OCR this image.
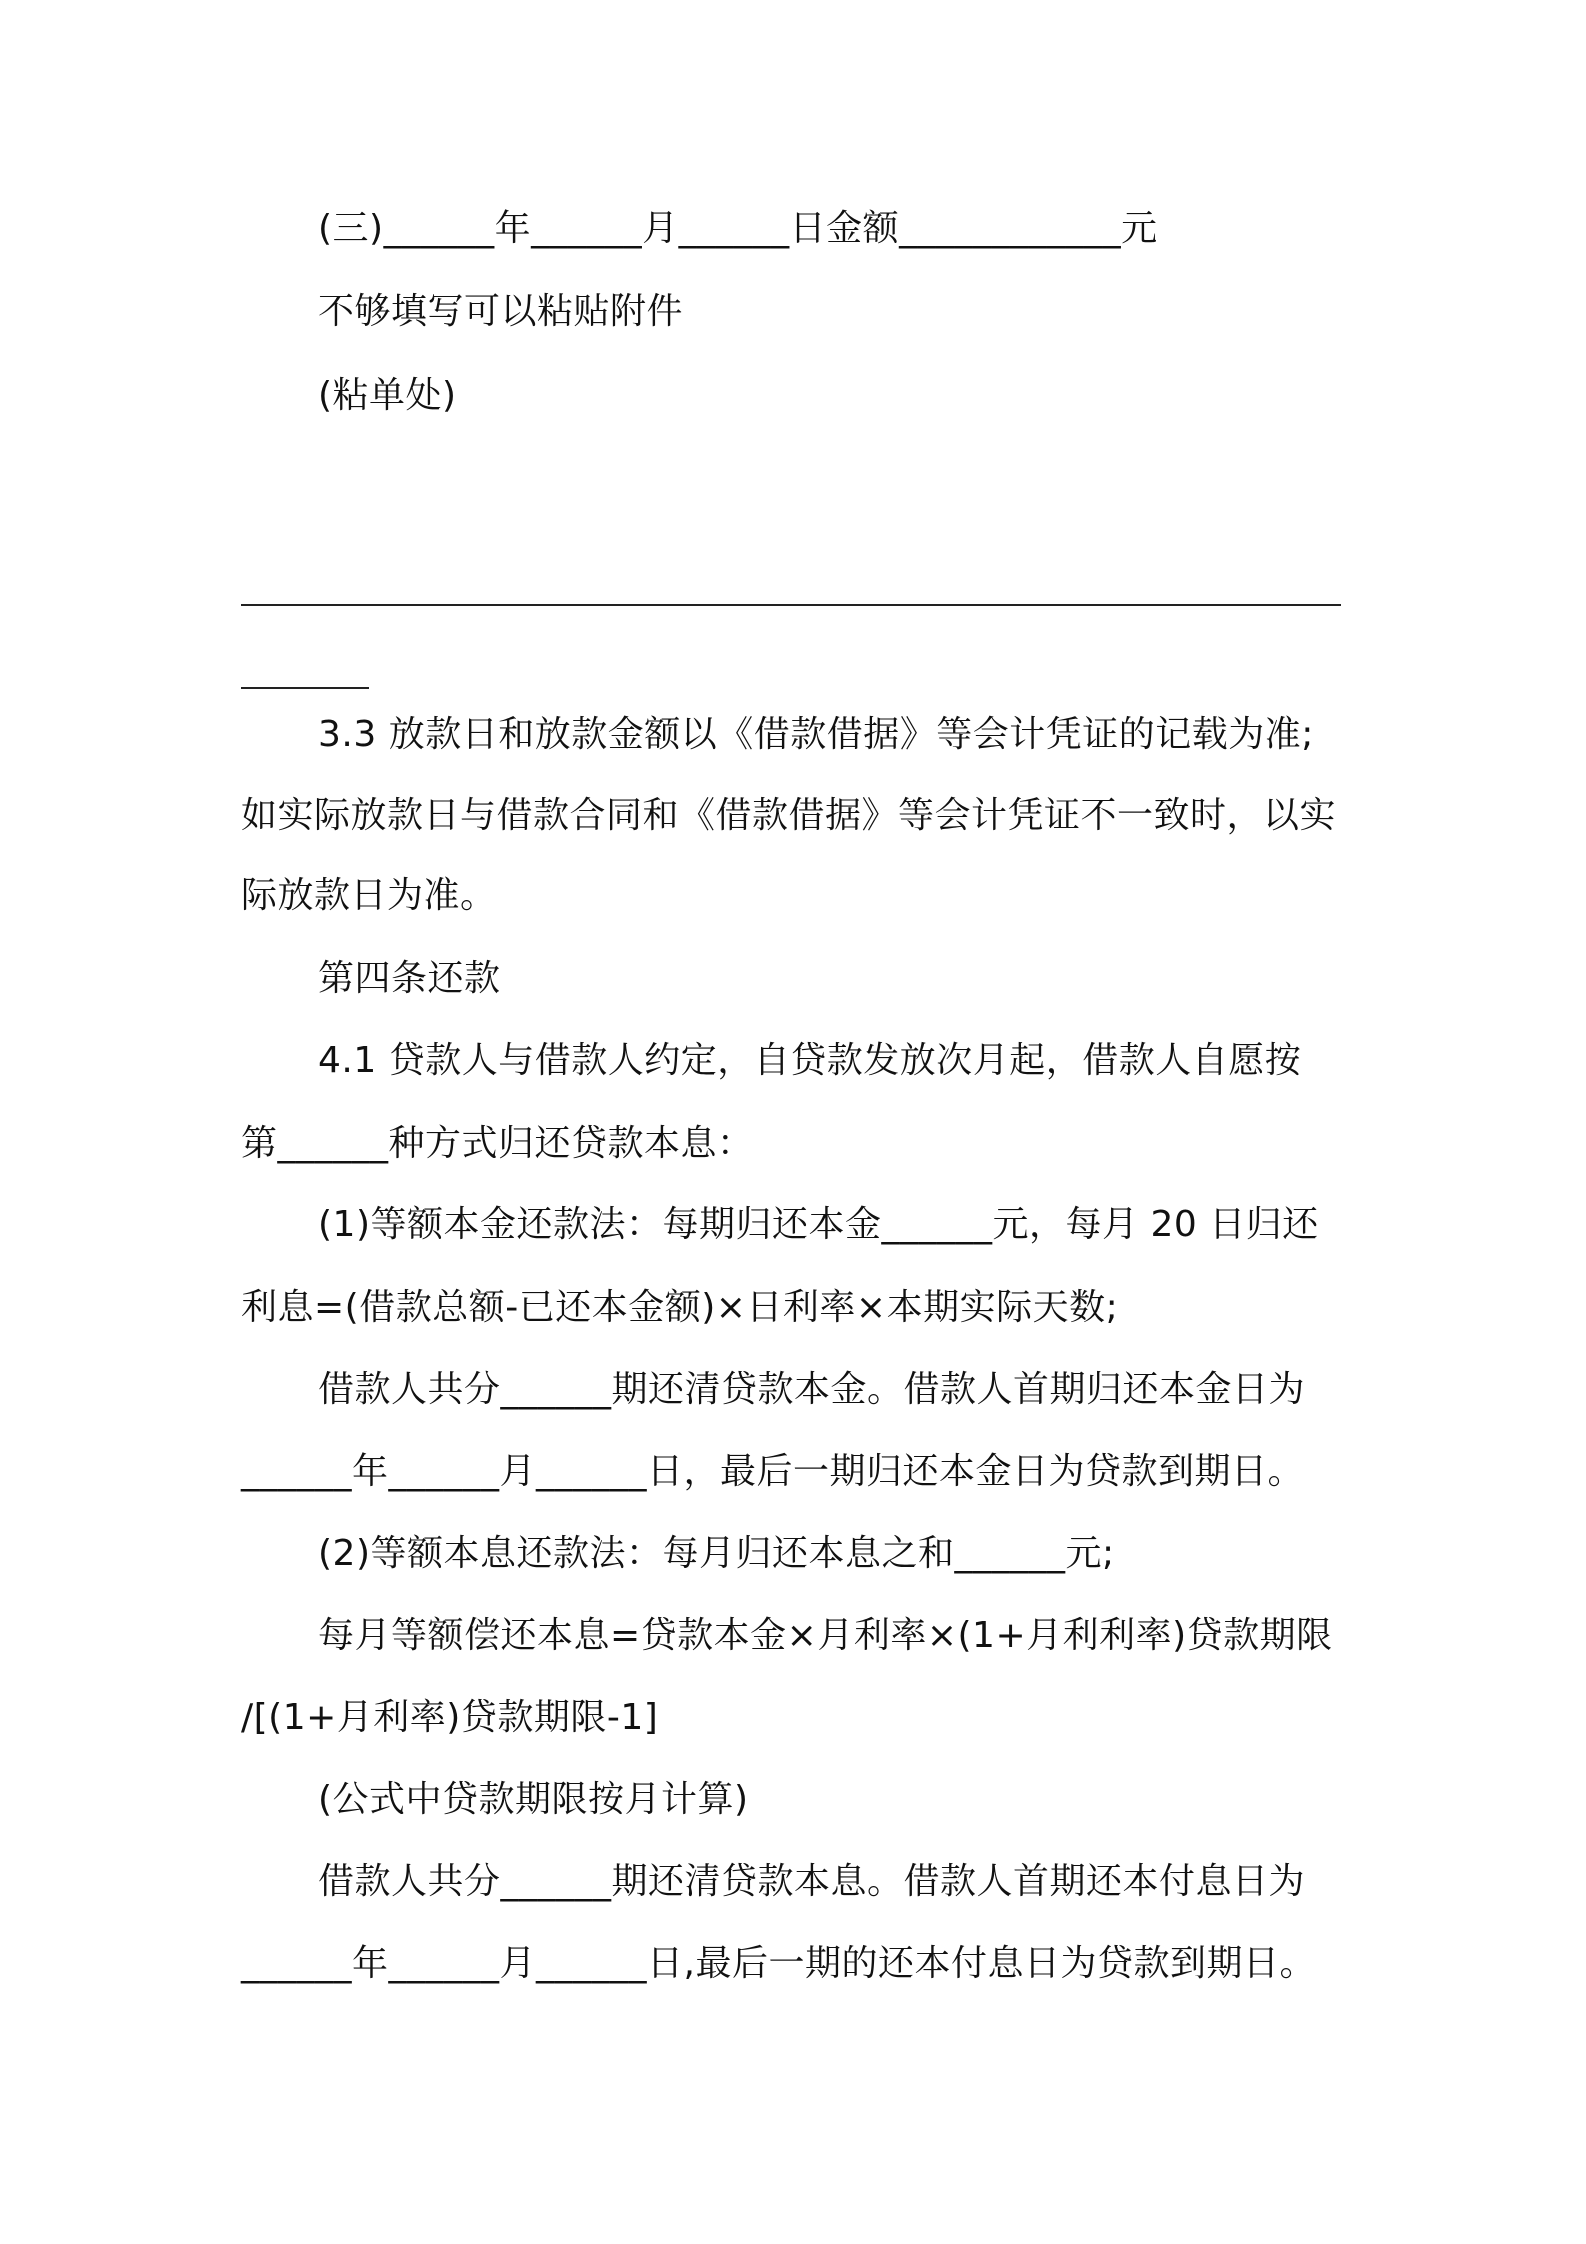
(三)______年______月______日金额____________元
不够填写可以粘贴附件
(粘单处)
3.3 放款日和放款金额以《借款借据》等会计凭证的记载为准;
如实际放款日与借款合同和《借款借据》等会计凭证不一致时，以实
际放款日为准。
第四条还款
4.1 贷款人与借款人约定，自贷款发放次月起，借款人自愿按
第______种方式归还贷款本息：
(1)等额本金还款法：每期归还本金______元，每月 20 日归还
利息=(借款总额-已还本金额)×日利率×本期实际天数;
借款人共分______期还清贷款本金。借款人首期归还本金日为
______年______月______日，最后一期归还本金日为贷款到期日。
(2)等额本息还款法：每月归还本息之和______元;
每月等额偿还本息=贷款本金×月利率×(1+月利利率)贷款期限
/[(1+月利率)贷款期限-1]
(公式中贷款期限按月计算)
借款人共分______期还清贷款本息。借款人首期还本付息日为
______年______月______日,最后一期的还本付息日为贷款到期日。
